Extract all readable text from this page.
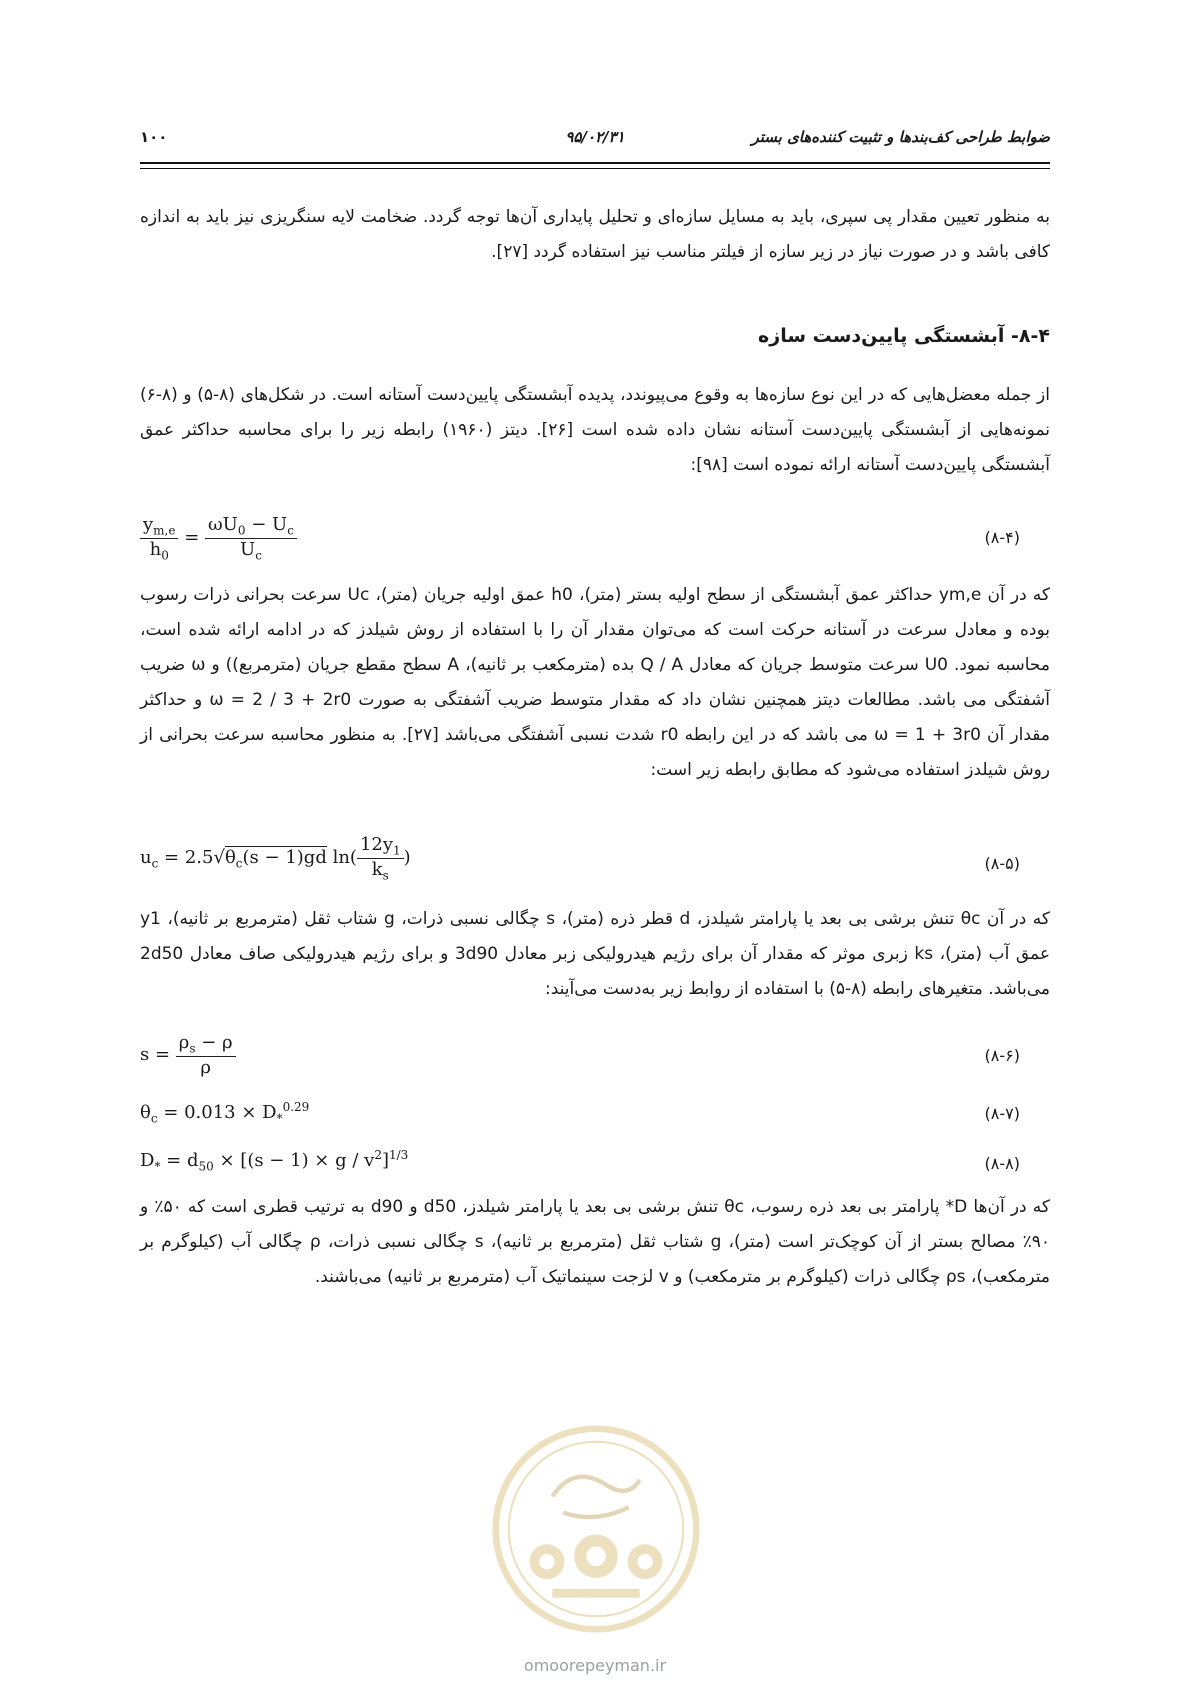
ضوابط طراحی کف‌بندها و تثبیت کننده‌های بستر
۹۵/۰۲/۳۱
۱۰۰
به منظور تعیین مقدار پی سپری، باید به مسایل سازه‌ای و تحلیل پایداری آن‌ها توجه گردد. ضخامت لایه سنگریزی نیز باید به اندازه کافی باشد و در صورت نیاز در زیر سازه از فیلتر مناسب نیز استفاده گردد [۲۷].
۸-۴- آبشستگی پایین‌دست سازه
از جمله معضل‌هایی که در این نوع سازه‌ها به وقوع می‌پیوندد، پدیده آبشستگی پایین‌دست آستانه است. در شکل‌های (۸-۵) و (۸-۶) نمونه‌هایی از آبشستگی پایین‌دست آستانه نشان داده شده است [۲۶]. دیتز (۱۹۶۰) رابطه زیر را برای محاسبه حداکثر عمق آبشستگی پایین‌دست آستانه ارائه نموده است [۹۸]:
$\frac{y_{m,e}}{h_0} = \frac{\omega U_0 - U_c}{U_c}$	(۸-۴)
که در آن ym,e حداکثر عمق آبشستگی از سطح اولیه بستر (متر)، h0 عمق اولیه جریان (متر)، Uc سرعت بحرانی ذرات رسوب بوده و معادل سرعت در آستانه حرکت است که می‌توان مقدار آن را با استفاده از روش شیلدز که در ادامه ارائه شده است، محاسبه نمود. U0 سرعت متوسط جریان که معادل Q / A بده (مترمکعب بر ثانیه)، A سطح مقطع جریان (مترمربع)) و ω ضریب آشفتگی می باشد. مطالعات دیتز همچنین نشان داد که مقدار متوسط ضریب آشفتگی به صورت ω = 2 / 3 + 2r0 و حداکثر مقدار آن ω = 1 + 3r0 می باشد که در این رابطه r0 شدت نسبی آشفتگی می‌باشد [۲۷]. به منظور محاسبه سرعت بحرانی از روش شیلدز استفاده می‌شود که مطابق رابطه زیر است:
$u_c = 2.5√\theta_c(s - 1)gd$ $\ln( \frac{12y_1}{k_s}$ )	(۸-۵)
که در آن θc تنش برشی بی بعد یا پارامتر شیلدز، d قطر ذره (متر)، s چگالی نسبی ذرات، g شتاب ثقل (مترمربع بر ثانیه)، y1 عمق آب (متر)، ks زبری موثر که مقدار آن برای رژیم هیدرولیکی زبر معادل 3d90 و برای رژیم هیدرولیکی صاف معادل 2d50 می‌باشد. متغیرهای رابطه (۸-۵) با استفاده از روابط زیر به‌دست می‌آیند:
$s = \frac{\rho_s - \rho}{\rho}$	(۸-۶)
$\theta_c = 0.013 \times D_*^{0.29}$	(۸-۷)
$D_* = d_{50} \times [(s - 1) \times g / v^2]^{1/3}$	(۸-۸)
که در آن‌ها D* پارامتر بی بعد ذره رسوب، θc تنش برشی بی بعد یا پارامتر شیلدز، d50 و d90 به ترتیب قطری است که ۵۰٪ و ۹۰٪ مصالح بستر از آن کوچک‌تر است (متر)، g شتاب ثقل (مترمربع بر ثانیه)، s چگالی نسبی ذرات، ρ چگالی آب (کیلوگرم بر مترمکعب)، ρs چگالی ذرات (کیلوگرم بر مترمکعب) و v لزجت سینماتیک آب (مترمربع بر ثانیه) می‌باشند.
omoorepeyman.ir
